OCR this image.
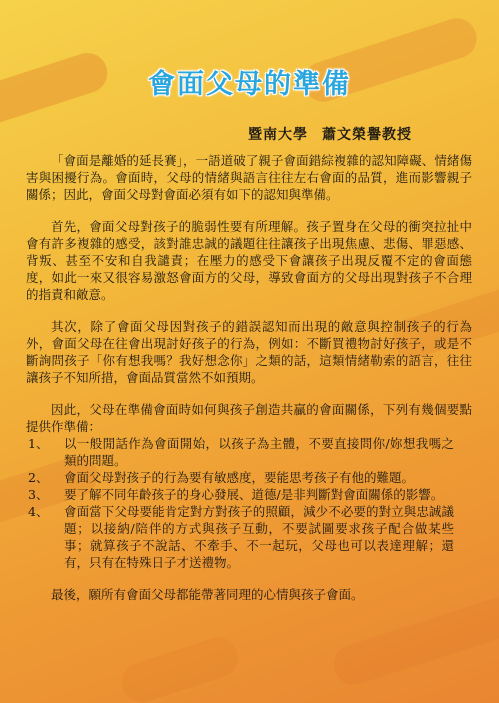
會面父母的準備
暨南大學 蕭文榮譽教授

「會面是離婚的延長賽」，一語道破了親子會面錯綜複雜的認知障礙、情緒傷害與困擾行為。會面時，父母的情緒與語言往往左右會面的品質，進而影響親子關係；因此，會面父母對會面必須有如下的認知與準備。

首先，會面父母對孩子的脆弱性要有所理解。孩子置身在父母的衝突拉扯中會有許多複雜的感受，該對誰忠誠的議題往往讓孩子出現焦慮、悲傷、罪惡感、背叛、甚至不安和自我譴責；在壓力的感受下會讓孩子出現反覆不定的會面態度，如此一來又很容易激怒會面方的父母，導致會面方的父母出現對孩子不合理的指責和敵意。

其次，除了會面父母因對孩子的錯誤認知而出現的敵意與控制孩子的行為外，會面父母在往會出現討好孩子的行為，例如：不斷買禮物討好孩子，或是不斷詢問孩子「你有想我嗎？我好想念你」之類的話，這類情緒勒索的語言，往往讓孩子不知所措，會面品質當然不如預期。

因此，父母在準備會面時如何與孩子創造共贏的會面關係，下列有幾個要點提供作準備：

1、	以一般閒話作為會面開始，以孩子為主體，不要直接問你/妳想我嗎之類的問題。
2、	會面父母對孩子的行為要有敏感度，要能思考孩子有他的難題。
3、	要了解不同年齡孩子的身心發展、道德/是非判斷對會面關係的影響。
4、	會面當下父母要能肯定對方對孩子的照顧，減少不必要的對立與忠誠議題；以接納/陪伴的方式與孩子互動，不要試圖要求孩子配合做某些事；就算孩子不說話、不牽手、不一起玩，父母也可以表達理解；還有，只有在特殊日子才送禮物。

最後，願所有會面父母都能帶著同理的心情與孩子會面。
